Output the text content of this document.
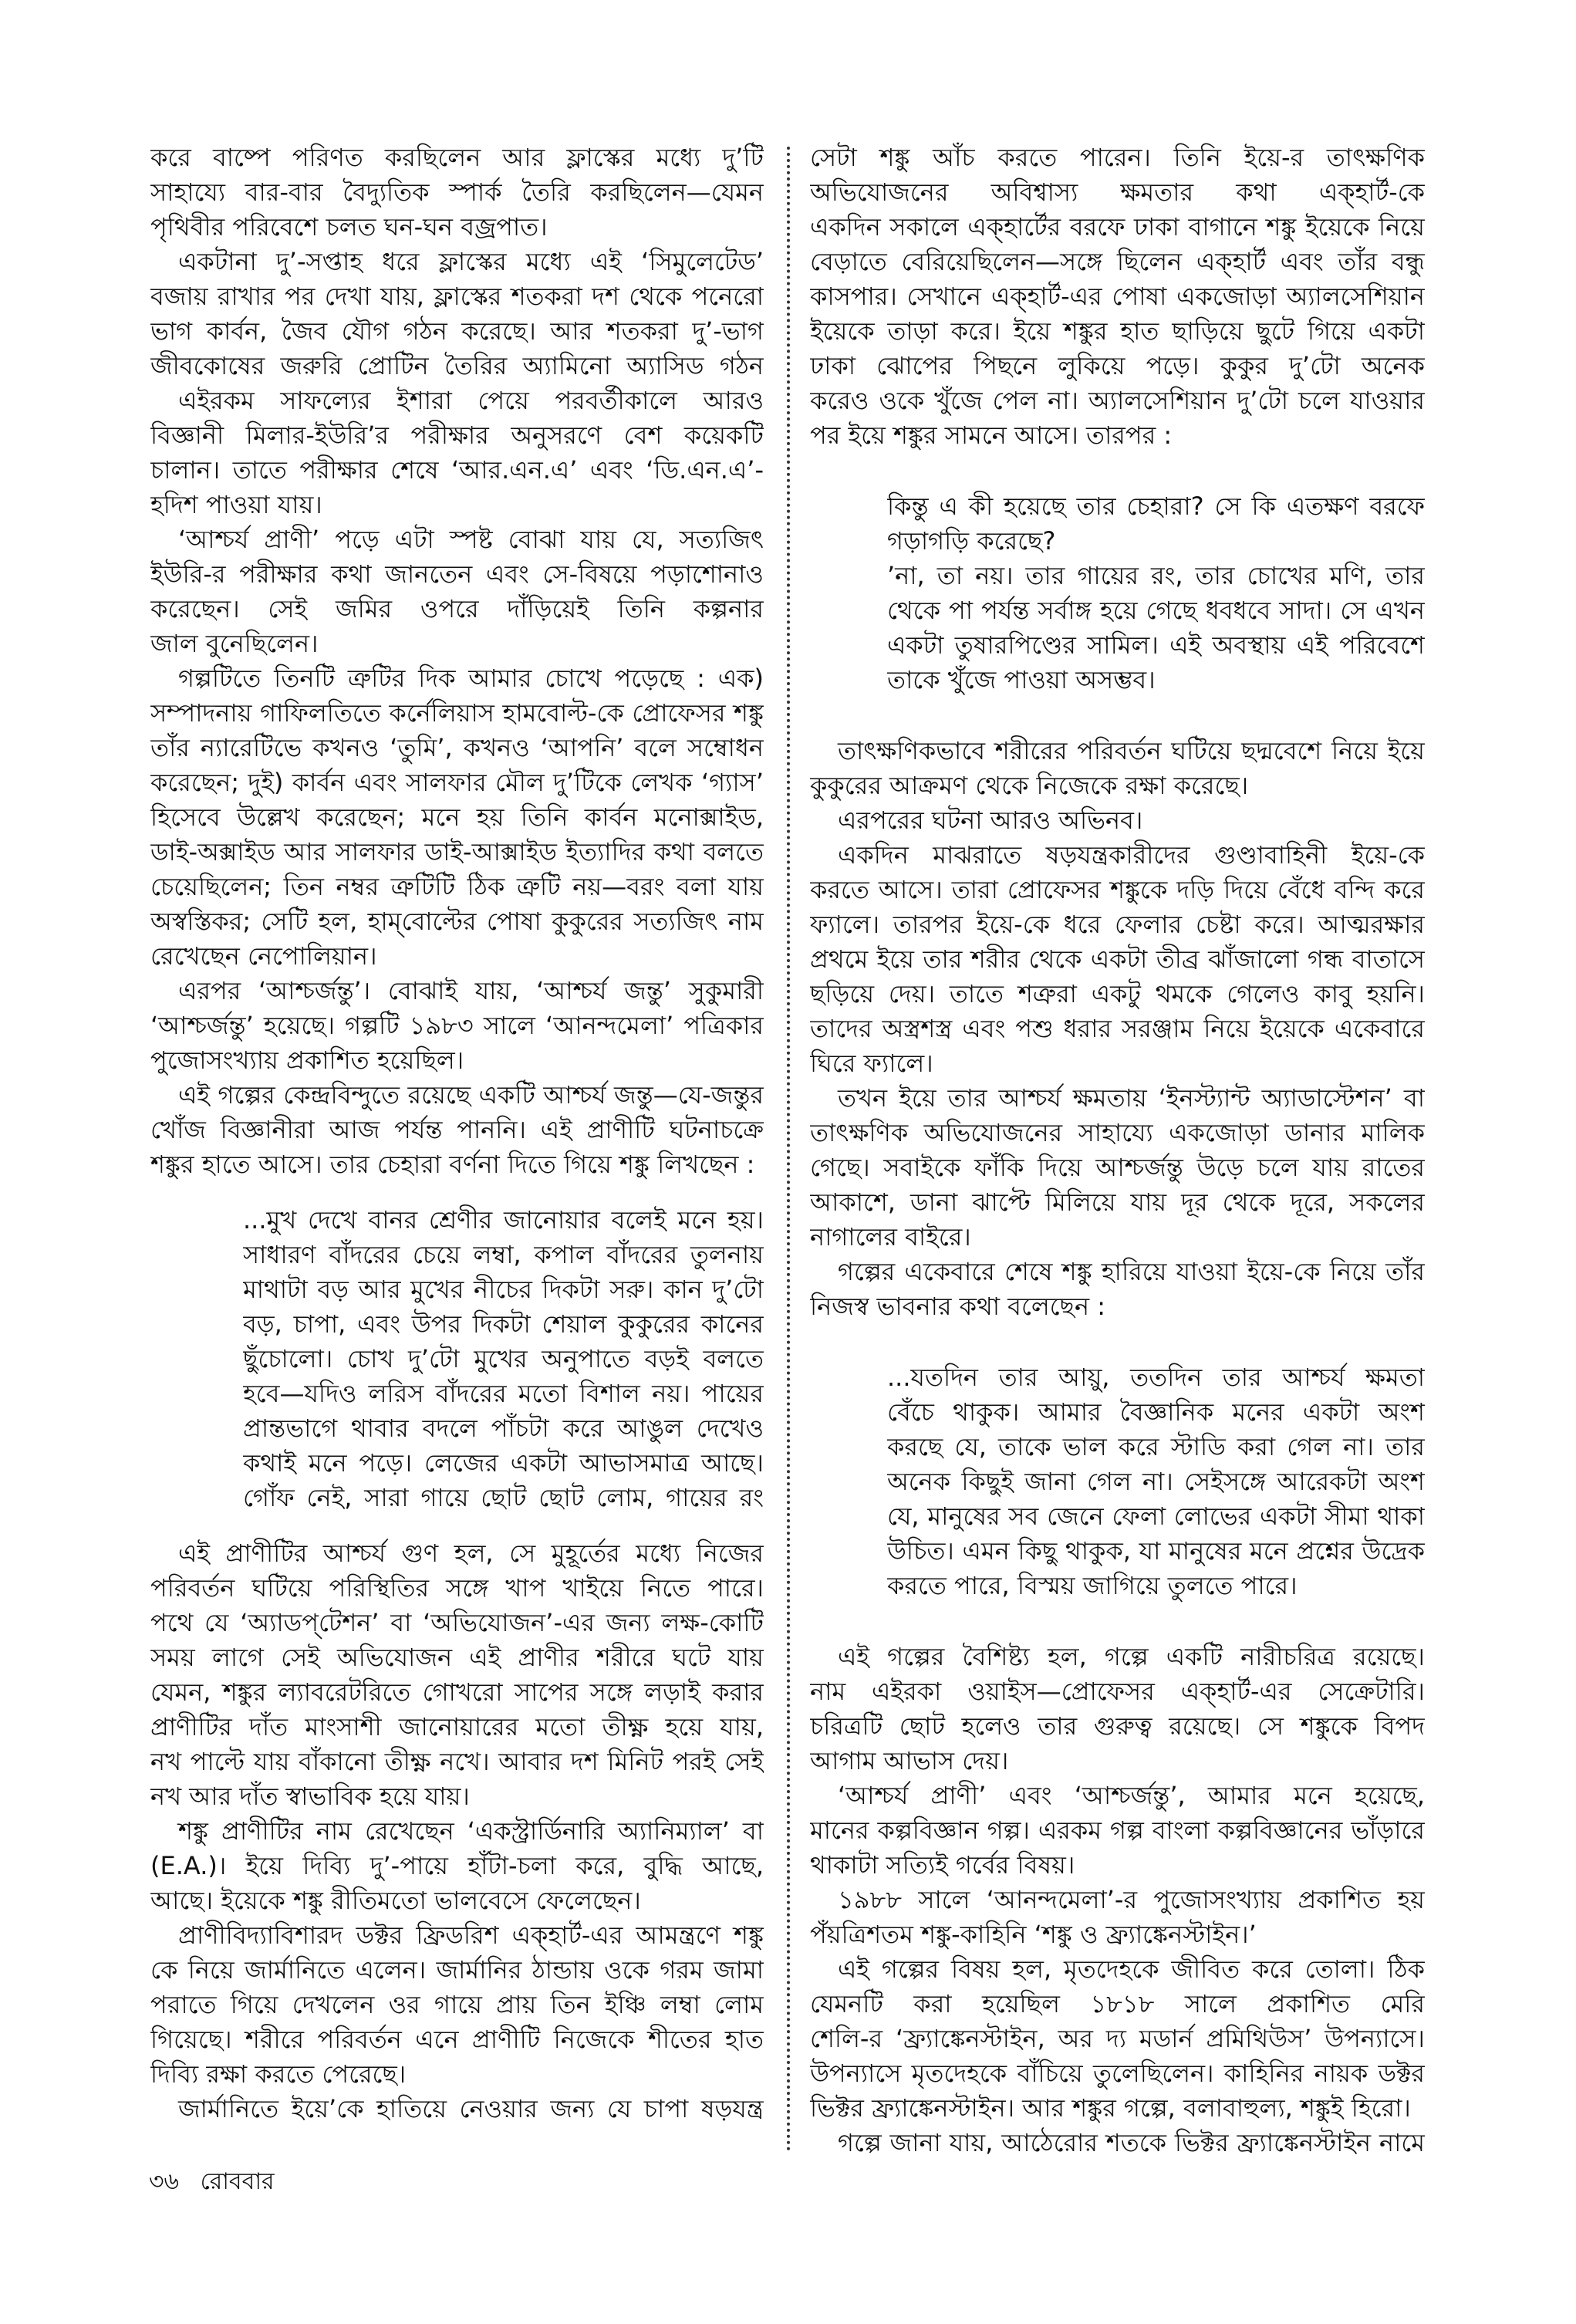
করে বাষ্পে পরিণত করছিলেন আর ফ্লাস্কের মধ্যে দু’টি
সাহায্যে বার-বার বৈদ্যুতিক স্পার্ক তৈরি করছিলেন—যেমন
পৃথিবীর পরিবেশে চলত ঘন-ঘন বজ্রপাত।
একটানা দু’-সপ্তাহ ধরে ফ্লাস্কের মধ্যে এই ‘সিমুলেটেড’
বজায় রাখার পর দেখা যায়, ফ্লাস্কের শতকরা দশ থেকে পনেরো
ভাগ কার্বন, জৈব যৌগ গঠন করেছে। আর শতকরা দু’-ভাগ
জীবকোষের জরুরি প্রোটিন তৈরির অ্যামিনো অ্যাসিড গঠন
এইরকম সাফল্যের ইশারা পেয়ে পরবর্তীকালে আরও
বিজ্ঞানী মিলার-ইউরি’র পরীক্ষার অনুসরণে বেশ কয়েকটি
চালান। তাতে পরীক্ষার শেষে ‘আর.এন.এ’ এবং ‘ডি.এন.এ’-
হদিশ পাওয়া যায়।
‘আশ্চর্য প্রাণী’ পড়ে এটা স্পষ্ট বোঝা যায় যে, সত্যজিৎ
ইউরি-র পরীক্ষার কথা জানতেন এবং সে-বিষয়ে পড়াশোনাও
করেছেন। সেই জমির ওপরে দাঁড়িয়েই তিনি কল্পনার
জাল বুনেছিলেন।
গল্পটিতে তিনটি ত্রুটির দিক আমার চোখে পড়েছে : এক)
সম্পাদনায় গাফিলতিতে কর্নেলিয়াস হামবোল্ট-কে প্রোফেসর শঙ্কু
তাঁর ন্যারেটিভে কখনও ‘তুমি’, কখনও ‘আপনি’ বলে সম্বোধন
করেছেন; দুই) কার্বন এবং সালফার মৌল দু’টিকে লেখক ‘গ্যাস’
হিসেবে উল্লেখ করেছেন; মনে হয় তিনি কার্বন মনোক্সাইড,
ডাই-অক্সাইড আর সালফার ডাই-আক্সাইড ইত্যাদির কথা বলতে
চেয়েছিলেন; তিন নম্বর ত্রুটিটি ঠিক ত্রুটি নয়—বরং বলা যায়
অস্বস্তিকর; সেটি হল, হাম্‌বোল্টের পোষা কুকুরের সত্যজিৎ নাম
রেখেছেন নেপোলিয়ান।
এরপর ‘আশ্চর্জন্তু’। বোঝাই যায়, ‘আশ্চর্য জন্তু’ সুকুমারী
‘আশ্চর্জন্তু’ হয়েছে। গল্পটি ১৯৮৩ সালে ‘আনন্দমেলা’ পত্রিকার
পুজোসংখ্যায় প্রকাশিত হয়েছিল।
এই গল্পের কেন্দ্রবিন্দুতে রয়েছে একটি আশ্চর্য জন্তু—যে-জন্তুর
খোঁজ বিজ্ঞানীরা আজ পর্যন্ত পাননি। এই প্রাণীটি ঘটনাচক্রে
শঙ্কুর হাতে আসে। তার চেহারা বর্ণনা দিতে গিয়ে শঙ্কু লিখছেন :
...মুখ দেখে বানর শ্রেণীর জানোয়ার বলেই মনে হয়।
সাধারণ বাঁদরের চেয়ে লম্বা, কপাল বাঁদরের তুলনায়
মাথাটা বড় আর মুখের নীচের দিকটা সরু। কান দু’টো
বড়, চাপা, এবং উপর দিকটা শেয়াল কুকুরের কানের
ছুঁচোলো। চোখ দু’টো মুখের অনুপাতে বড়ই বলতে
হবে—যদিও লরিস বাঁদরের মতো বিশাল নয়। পায়ের
প্রান্তভাগে থাবার বদলে পাঁচটা করে আঙুল দেখেও
কথাই মনে পড়ে। লেজের একটা আভাসমাত্র আছে।
গোঁফ নেই, সারা গায়ে ছোট ছোট লোম, গায়ের রং
এই প্রাণীটির আশ্চর্য গুণ হল, সে মুহূর্তের মধ্যে নিজের
পরিবর্তন ঘটিয়ে পরিস্থিতির সঙ্গে খাপ খাইয়ে নিতে পারে।
পথে যে ‘অ্যাডপ্‌টেশন’ বা ‘অভিযোজন’-এর জন্য লক্ষ-কোটি
সময় লাগে সেই অভিযোজন এই প্রাণীর শরীরে ঘটে যায়
যেমন, শঙ্কুর ল্যাবরেটরিতে গোখরো সাপের সঙ্গে লড়াই করার
প্রাণীটির দাঁত মাংসাশী জানোয়ারের মতো তীক্ষ্ণ হয়ে যায়,
নখ পাল্টে যায় বাঁকানো তীক্ষ্ণ নখে। আবার দশ মিনিট পরই সেই
নখ আর দাঁত স্বাভাবিক হয়ে যায়।
শঙ্কু প্রাণীটির নাম রেখেছেন ‘একস্ট্রার্ডিনারি অ্যানিম্যাল’ বা
(E.A.)। ইয়ে দিব্যি দু’-পায়ে হাঁটা-চলা করে, বুদ্ধি আছে,
আছে। ইয়েকে শঙ্কু রীতিমতো ভালবেসে ফেলেছেন।
প্রাণীবিদ্যাবিশারদ ডক্টর ফ্রিডরিশ এক্‌হার্ট-এর আমন্ত্রণে শঙ্কু
কে নিয়ে জার্মানিতে এলেন। জার্মানির ঠান্ডায় ওকে গরম জামা
পরাতে গিয়ে দেখলেন ওর গায়ে প্রায় তিন ইঞ্চি লম্বা লোম
গিয়েছে। শরীরে পরিবর্তন এনে প্রাণীটি নিজেকে শীতের হাত
দিব্যি রক্ষা করতে পেরেছে।
জার্মানিতে ইয়ে’কে হাতিয়ে নেওয়ার জন্য যে চাপা ষড়যন্ত্র
সেটা শঙ্কু আঁচ করতে পারেন। তিনি ইয়ে-র তাৎক্ষণিক
অভিযোজনের অবিশ্বাস্য ক্ষমতার কথা এক্‌হার্ট-কে
একদিন সকালে এক্‌হার্টের বরফে ঢাকা বাগানে শঙ্কু ইয়েকে নিয়ে
বেড়াতে বেরিয়েছিলেন—সঙ্গে ছিলেন এক্‌হার্ট এবং তাঁর বন্ধু
কাসপার। সেখানে এক্‌হার্ট-এর পোষা একজোড়া অ্যালসেশিয়ান
ইয়েকে তাড়া করে। ইয়ে শঙ্কুর হাত ছাড়িয়ে ছুটে গিয়ে একটা
ঢাকা ঝোপের পিছনে লুকিয়ে পড়ে। কুকুর দু’টো অনেক
করেও ওকে খুঁজে পেল না। অ্যালসেশিয়ান দু’টো চলে যাওয়ার
পর ইয়ে শঙ্কুর সামনে আসে। তারপর :
কিন্তু এ কী হয়েছে তার চেহারা? সে কি এতক্ষণ বরফে
গড়াগড়ি করেছে?
’না, তা নয়। তার গায়ের রং, তার চোখের মণি, তার
থেকে পা পর্যন্ত সর্বাঙ্গ হয়ে গেছে ধবধবে সাদা। সে এখন
একটা তুষারপিণ্ডের সামিল। এই অবস্থায় এই পরিবেশে
তাকে খুঁজে পাওয়া অসম্ভব।
তাৎক্ষণিকভাবে শরীরের পরিবর্তন ঘটিয়ে ছদ্মবেশে নিয়ে ইয়ে
কুকুরের আক্রমণ থেকে নিজেকে রক্ষা করেছে।
এরপরের ঘটনা আরও অভিনব।
একদিন মাঝরাতে ষড়যন্ত্রকারীদের গুণ্ডাবাহিনী ইয়ে-কে
করতে আসে। তারা প্রোফেসর শঙ্কুকে দড়ি দিয়ে বেঁধে বন্দি করে
ফ্যালে। তারপর ইয়ে-কে ধরে ফেলার চেষ্টা করে। আত্মরক্ষার
প্রথমে ইয়ে তার শরীর থেকে একটা তীব্র ঝাঁজালো গন্ধ বাতাসে
ছড়িয়ে দেয়। তাতে শত্রুরা একটু থমকে গেলেও কাবু হয়নি।
তাদের অস্ত্রশস্ত্র এবং পশু ধরার সরঞ্জাম নিয়ে ইয়েকে একেবারে
ঘিরে ফ্যালে।
তখন ইয়ে তার আশ্চর্য ক্ষমতায় ‘ইনস্ট্যান্ট অ্যাডাস্টেশন’ বা
তাৎক্ষণিক অভিযোজনের সাহায্যে একজোড়া ডানার মালিক
গেছে। সবাইকে ফাঁকি দিয়ে আশ্চর্জন্তু উড়ে চলে যায় রাতের
আকাশে, ডানা ঝাপ্টে মিলিয়ে যায় দূর থেকে দূরে, সকলের
নাগালের বাইরে।
গল্পের একেবারে শেষে শঙ্কু হারিয়ে যাওয়া ইয়ে-কে নিয়ে তাঁর
নিজস্ব ভাবনার কথা বলেছেন :
...যতদিন তার আয়ু, ততদিন তার আশ্চর্য ক্ষমতা
বেঁচে থাকুক। আমার বৈজ্ঞানিক মনের একটা অংশ
করছে যে, তাকে ভাল করে স্টাডি করা গেল না। তার
অনেক কিছুই জানা গেল না। সেইসঙ্গে আরেকটা অংশ
যে, মানুষের সব জেনে ফেলা লোভের একটা সীমা থাকা
উচিত। এমন কিছু থাকুক, যা মানুষের মনে প্রশ্নের উদ্রেক
করতে পারে, বিস্ময় জাগিয়ে তুলতে পারে।
এই গল্পের বৈশিষ্ট্য হল, গল্পে একটি নারীচরিত্র রয়েছে।
নাম এইরকা ওয়াইস—প্রোফেসর এক্‌হার্ট-এর সেক্রেটারি।
চরিত্রটি ছোট হলেও তার গুরুত্ব রয়েছে। সে শঙ্কুকে বিপদ
আগাম আভাস দেয়।
‘আশ্চর্য প্রাণী’ এবং ‘আশ্চর্জন্তু’, আমার মনে হয়েছে,
মানের কল্পবিজ্ঞান গল্প। এরকম গল্প বাংলা কল্পবিজ্ঞানের ভাঁড়ারে
থাকাটা সত্যিই গর্বের বিষয়।
১৯৮৮ সালে ‘আনন্দমেলা’-র পুজোসংখ্যায় প্রকাশিত হয়
পঁয়ত্রিশতম শঙ্কু-কাহিনি ‘শঙ্কু ও ফ্র্যাঙ্কেনস্টাইন।’
এই গল্পের বিষয় হল, মৃতদেহকে জীবিত করে তোলা। ঠিক
যেমনটি করা হয়েছিল ১৮১৮ সালে প্রকাশিত মেরি
শেলি-র ‘ফ্র্যাঙ্কেনস্টাইন, অর দ্য মডার্ন প্রমিথিউস’ উপন্যাসে।
উপন্যাসে মৃতদেহকে বাঁচিয়ে তুলেছিলেন। কাহিনির নায়ক ডক্টর
ভিক্টর ফ্র্যাঙ্কেনস্টাইন। আর শঙ্কুর গল্পে, বলাবাহুল্য, শঙ্কুই হিরো।
গল্পে জানা যায়, আঠেরোর শতকে ভিক্টর ফ্র্যাঙ্কেনস্টাইন নামে
৩৬ রোববার
